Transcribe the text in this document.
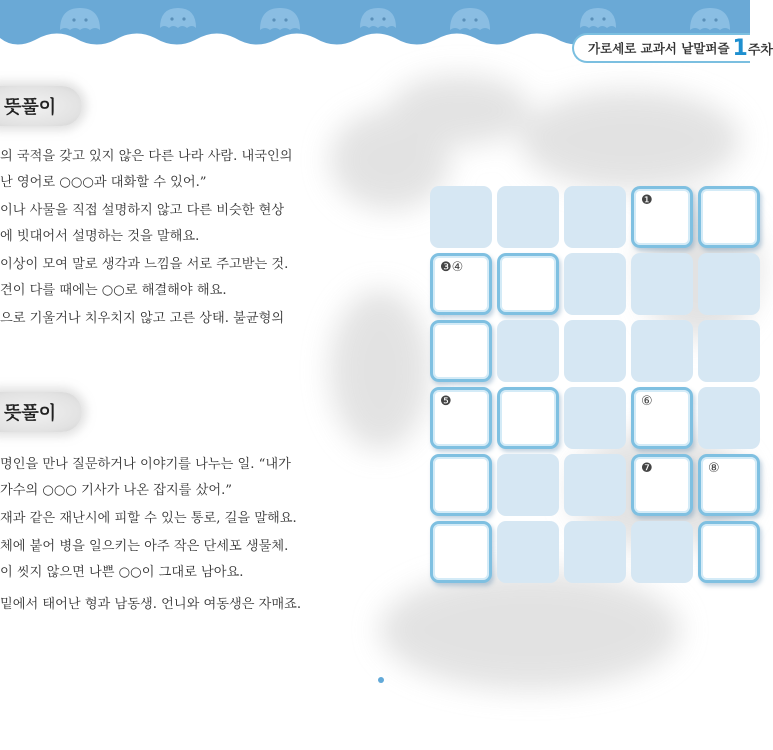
가로세로 교과서 낱말퍼즐 1 주차
뜻풀이
의 국적을 갖고 있지 않은 다른 나라 사람. 내국인의
난 영어로 ○○○과 대화할 수 있어.”
이나 사물을 직접 설명하지 않고 다른 비슷한 현상
에 빗대어서 설명하는 것을 말해요.
이상이 모여 말로 생각과 느낌을 서로 주고받는 것.
견이 다를 때에는 ○○로 해결해야 해요.
으로 기울거나 치우치지 않고 고른 상태. 불균형의
뜻풀이
명인을 만나 질문하거나 이야기를 나누는 일. “내가
가수의 ○○○ 기사가 나온 잡지를 샀어.”
재과 같은 재난시에 피할 수 있는 통로, 길을 말해요.
체에 붙어 병을 일으키는 아주 작은 단세포 생물체.
이 씻지 않으면 나쁜 ○○이 그대로 남아요.
밑에서 태어난 형과 남동생. 언니와 여동생은 자매죠.
❶
❸④
❺	⑥
❼	⑧
